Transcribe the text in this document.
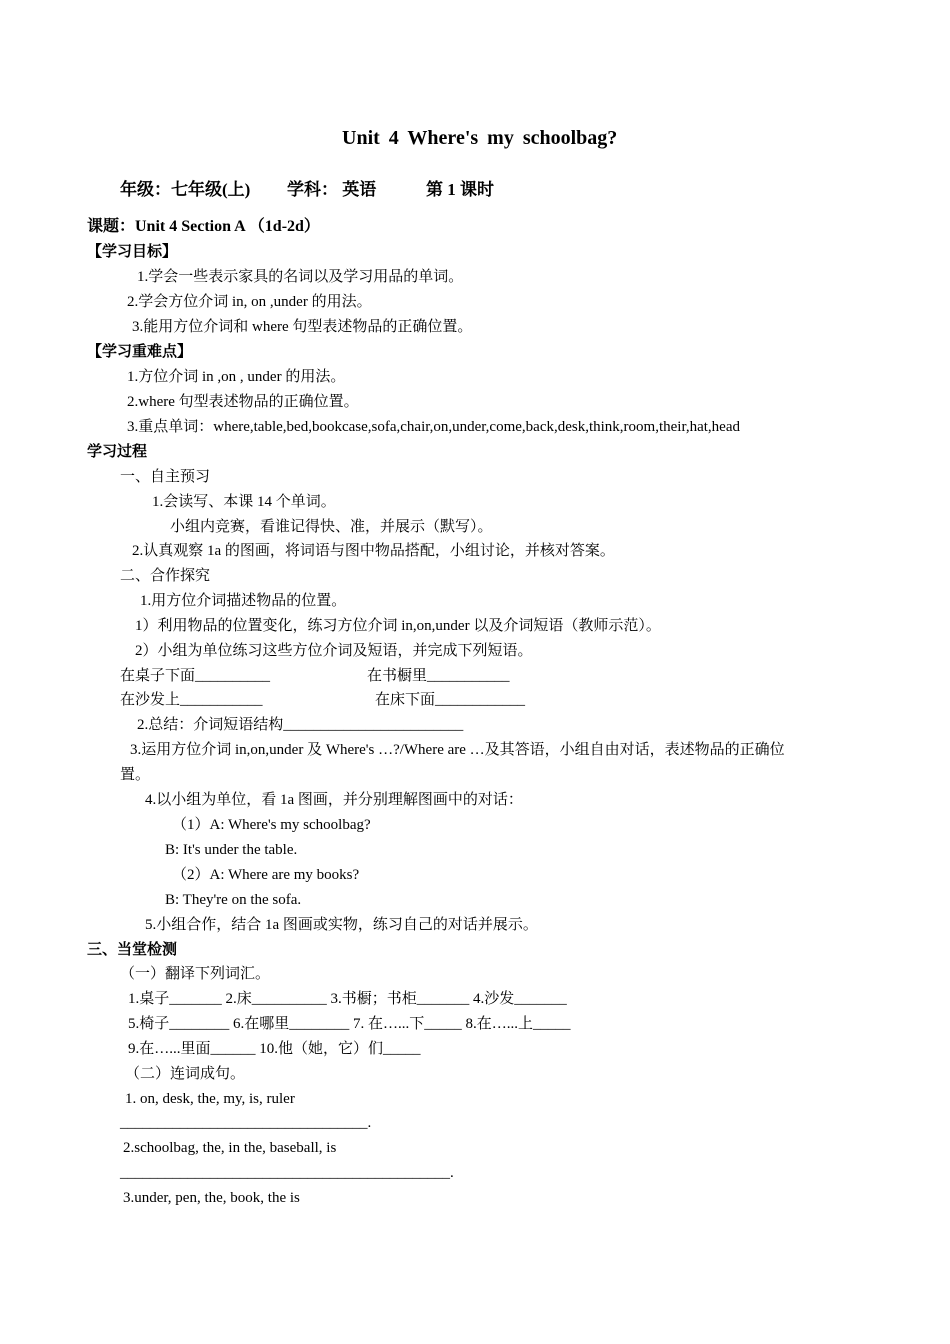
Unit 4 Where's my schoolbag?
年级：七年级(上) 学科： 英语	第 1 课时
课题：Unit 4 Section A （1d-2d）
【学习目标】
1.学会一些表示家具的名词以及学习用品的单词。
2.学会方位介词 in, on ,under 的用法。
3.能用方位介词和 where 句型表述物品的正确位置。
【学习重难点】
1.方位介词 in ,on , under 的用法。
2.where 句型表述物品的正确位置。
3.重点单词：where,table,bed,bookcase,sofa,chair,on,under,come,back,desk,think,room,their,hat,head
学习过程
一、自主预习
1.会读写、本课 14 个单词。
小组内竞赛，看谁记得快、准，并展示（默写）。
2.认真观察 1a 的图画，将词语与图中物品搭配，小组讨论，并核对答案。
二、合作探究
1.用方位介词描述物品的位置。
1）利用物品的位置变化，练习方位介词 in,on,under 以及介词短语（教师示范）。
2）小组为单位练习这些方位介词及短语，并完成下列短语。
在桌子下面__________	在书橱里___________
在沙发上___________	在床下面____________
2.总结：介词短语结构________________________
3.运用方位介词 in,on,under 及 Where's …?/Where are …及其答语，小组自由对话，表述物品的正确位
置。
4.以小组为单位，看 1a 图画，并分别理解图画中的对话：
（1）A: Where's my schoolbag?
B: It's under the table.
（2）A: Where are my books?
B: They're on the sofa.
5.小组合作，结合 1a 图画或实物，练习自己的对话并展示。
三、当堂检测
（一）翻译下列词汇。
1.桌子_______ 2.床__________ 3.书橱；书柜_______ 4.沙发_______
5.椅子________ 6.在哪里________ 7. 在…...下_____ 8.在…...上_____
9.在…...里面______ 10.他（她，它）们_____
（二）连词成句。
1. on, desk, the, my, is, ruler
_________________________________.
2.schoolbag, the, in the, baseball, is
____________________________________________.
3.under, pen, the, book, the is
